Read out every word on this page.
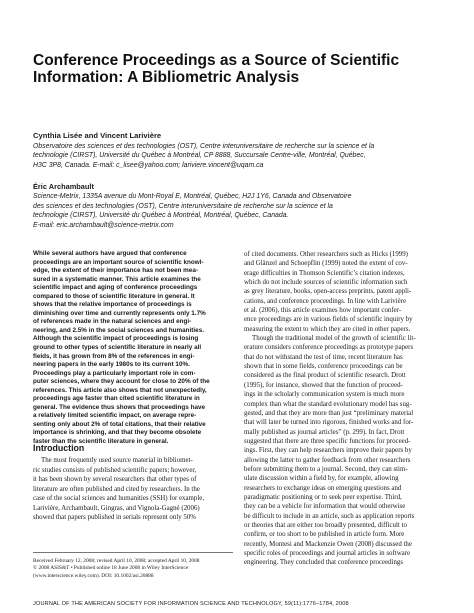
Conference Proceedings as a Source of Scientific
Information: A Bibliometric Analysis
Cynthia Lisée and Vincent Larivière
Observatoire des sciences et des technologies (OST), Centre interuniversitaire de recherche sur la science et la
technologie (CIRST), Université du Québec à Montréal, CP 8888, Succursale Centre-ville, Montréal, Québec,
H3C 3P8, Canada. E-mail: c_lisee@yahoo.com; lariviere.vincent@uqam.ca
Éric Archambault
Science-Metrix, 1335A avenue du Mont-Royal E, Montréal, Québec, H2J 1Y6, Canada and Observatoire
des sciences et des technologies (OST), Centre interuniversitaire de recherche sur la science et la
technologie (CIRST), Université du Québec à Montréal, Montréal, Québec, Canada.
E-mail: eric.archambault@science-metrix.com
While several authors have argued that conference
proceedings are an important source of scientific knowl-
edge, the extent of their importance has not been mea-
sured in a systematic manner. This article examines the
scientific impact and aging of conference proceedings
compared to those of scientific literature in general. It
shows that the relative importance of proceedings is
diminishing over time and currently represents only 1.7%
of references made in the natural sciences and engi-
neering, and 2.5% in the social sciences and humanities.
Although the scientific impact of proceedings is losing
ground to other types of scientific literature in nearly all
fields, it has grown from 8% of the references in engi-
neering papers in the early 1980s to its current 10%.
Proceedings play a particularly important role in com-
puter sciences, where they account for close to 20% of the
references. This article also shows that not unexpectedly,
proceedings age faster than cited scientific literature in
general. The evidence thus shows that proceedings have
a relatively limited scientific impact, on average repre-
senting only about 2% of total citations, that their relative
importance is shrinking, and that they become obsolete
faster than the scientific literature in general.
Introduction
The most frequently used source material in bibliomet-
ric studies consists of published scientific papers; however,
it has been shown by several researchers that other types of
literature are often published and cited by researchers. In the
case of the social sciences and humanities (SSH) for example,
Larivière, Archambault, Gingras, and Vignola-Gagné (2006)
showed that papers published in serials represent only 50%
Received February 12, 2008; revised April 10, 2008; accepted April 10, 2008
© 2008 ASIS&T • Published online 18 June 2008 in Wiley InterScience
(www.interscience.wiley.com). DOI: 10.1002/asi.20888
of cited documents. Other researchers such as Hicks (1999)
and Glänzel and Schoepflin (1999) noted the extent of cov-
erage difficulties in Thomson Scientific’s citation indexes,
which do not include sources of scientific information such
as grey literature, books, open-access preprints, patent appli-
cations, and conference proceedings. In line with Larivière
et al. (2006), this article examines how important confer-
ence proceedings are in various fields of scientific inquiry by
measuring the extent to which they are cited in other papers.
Though the traditional model of the growth of scientific lit-
erature considers conference proceedings as prototype papers
that do not withstand the test of time, recent literature has
shown that in some fields, conference proceedings can be
considered as the final product of scientific research. Drott
(1995), for instance, showed that the function of proceed-
ings in the scholarly communication system is much more
complex than what the standard evolutionary model has sug-
gested, and that they are more than just “preliminary material
that will later be turned into rigorous, finished works and for-
mally published as journal articles” (p. 299). In fact, Drott
suggested that there are three specific functions for proceed-
ings. First, they can help researchers improve their papers by
allowing the latter to gather feedback from other researchers
before submitting them to a journal. Second, they can stim-
ulate discussion within a field by, for example, allowing
researchers to exchange ideas on emerging questions and
paradigmatic positioning or to seek peer expertise. Third,
they can be a vehicle for information that would otherwise
be difficult to include in an article, such as application reports
or theories that are either too broadly presented, difficult to
confirm, or too short to be published in article form. More
recently, Montesi and Mackenzie Owen (2008) discussed the
specific roles of proceedings and journal articles in software
engineering. They concluded that conference proceedings
JOURNAL OF THE AMERICAN SOCIETY FOR INFORMATION SCIENCE AND TECHNOLOGY, 59(11):1776–1784, 2008
